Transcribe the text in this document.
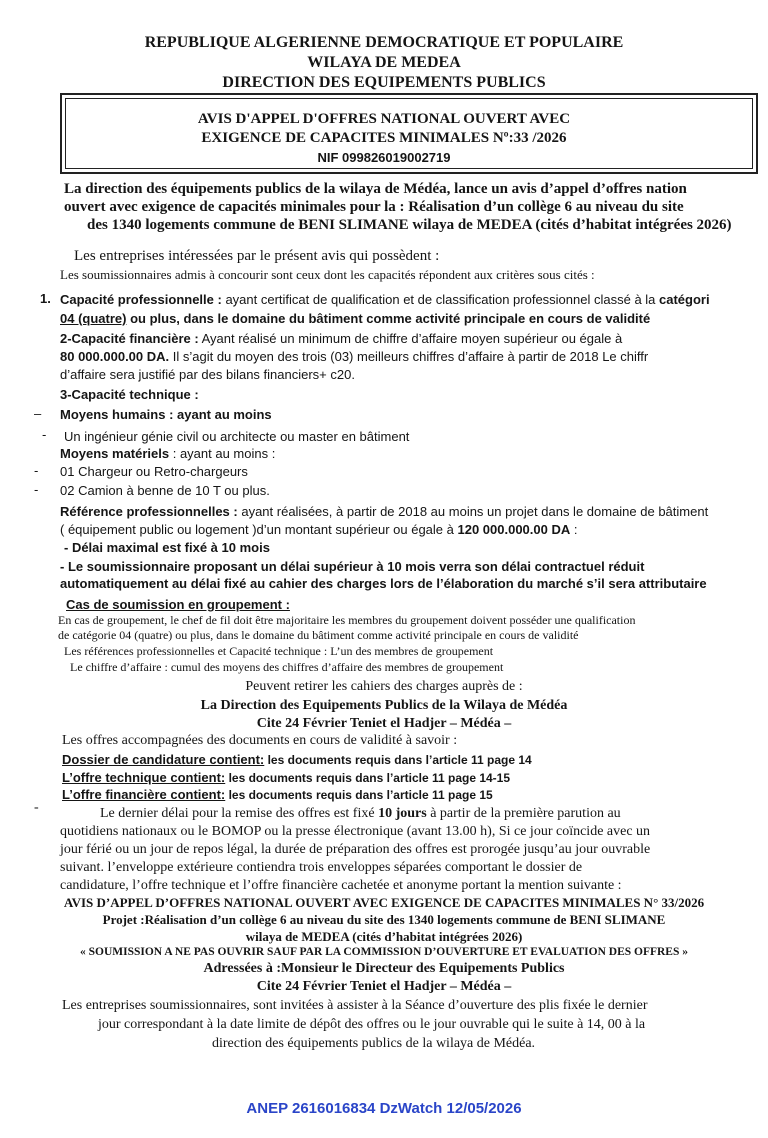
REPUBLIQUE ALGERIENNE DEMOCRATIQUE ET POPULAIRE
WILAYA DE MEDEA
DIRECTION DES EQUIPEMENTS PUBLICS
AVIS D'APPEL D'OFFRES NATIONAL OUVERT AVEC
EXIGENCE DE CAPACITES MINIMALES Nº:33 /2026
NIF 099826019002719
La direction des équipements publics de la wilaya de Médéa, lance un avis d’appel d’offres nation
ouvert avec exigence de capacités minimales pour la : Réalisation d’un collège 6 au niveau du site
des 1340 logements commune de BENI SLIMANE wilaya de MEDEA (cités d’habitat intégrées 2026)
Les entreprises intéressées par le présent avis qui possèdent :
Les soumissionnaires admis à concourir sont ceux dont les capacités répondent aux critères sous cités :
1. Capacité professionnelle : ayant certificat de qualification et de classification professionnel classé à la catégori
04 (quatre) ou plus, dans le domaine du bâtiment comme activité principale en cours de validité
2-Capacité financière : Ayant réalisé un minimum de chiffre d’affaire moyen supérieur ou égale à
80 000.000.00 DA. Il s’agit du moyen des trois (03) meilleurs chiffres d’affaire à partir de 2018 Le chiffr
d’affaire sera justifié par des bilans financiers+ c20.
3-Capacité technique :
– Moyens humains : ayant au moins
- Un ingénieur génie civil ou architecte ou master en bâtiment
Moyens matériels : ayant au moins :
- 01 Chargeur ou Retro-chargeurs
- 02 Camion à benne de 10 T ou plus.
Référence professionnelles : ayant réalisées, à partir de 2018 au moins un projet dans le domaine de bâtiment
( équipement public ou logement )d’un montant supérieur ou égale à 120 000.000.00 DA :
- Délai maximal est fixé à 10 mois
- Le soumissionnaire proposant un délai supérieur à 10 mois verra son délai contractuel réduit
automatiquement au délai fixé au cahier des charges lors de l’élaboration du marché s’il sera attributaire
Cas de soumission en groupement :
En cas de groupement, le chef de fil doit être majoritaire les membres du groupement doivent posséder une qualification
de catégorie 04 (quatre) ou plus, dans le domaine du bâtiment comme activité principale en cours de validité
Les références professionnelles et Capacité technique : L’un des membres de groupement
Le chiffre d’affaire : cumul des moyens des chiffres d’affaire des membres de groupement
Peuvent retirer les cahiers des charges auprès de :
La Direction des Equipements Publics de la Wilaya de Médéa
Cite 24 Février Teniet el Hadjer – Médéa –
Les offres accompagnées des documents en cours de validité à savoir :
Dossier de candidature contient: les documents requis dans l’article 11 page 14
L’offre technique contient: les documents requis dans l’article 11 page 14-15
L’offre financière contient: les documents requis dans l’article 11 page 15
-	Le dernier délai pour la remise des offres est fixé 10 jours à partir de la première parution au
quotidiens nationaux ou le BOMOP ou la presse électronique (avant 13.00 h), Si ce jour coïncide avec un
jour férié ou un jour de repos légal, la durée de préparation des offres est prorogée jusqu’au jour ouvrable
suivant. l’enveloppe extérieure contiendra trois enveloppes séparées comportant le dossier de
candidature, l’offre technique et l’offre financière cachetée et anonyme portant la mention suivante :
AVIS D’APPEL D’OFFRES NATIONAL OUVERT AVEC EXIGENCE DE CAPACITES MINIMALES N° 33/2026
Projet :Réalisation d’un collège 6 au niveau du site des 1340 logements commune de BENI SLIMANE
wilaya de MEDEA (cités d’habitat intégrées 2026)
« SOUMISSION A NE PAS OUVRIR SAUF PAR LA COMMISSION D’OUVERTURE ET EVALUATION DES OFFRES »
Adressées à :Monsieur le Directeur des Equipements Publics
Cite 24 Février Teniet el Hadjer – Médéa –
Les entreprises soumissionnaires, sont invitées à assister à la Séance d’ouverture des plis fixée le dernier
jour correspondant à la date limite de dépôt des offres ou le jour ouvrable qui le suite à 14, 00 à la
direction des équipements publics de la wilaya de Médéa.
ANEP 2616016834 DzWatch 12/05/2026
